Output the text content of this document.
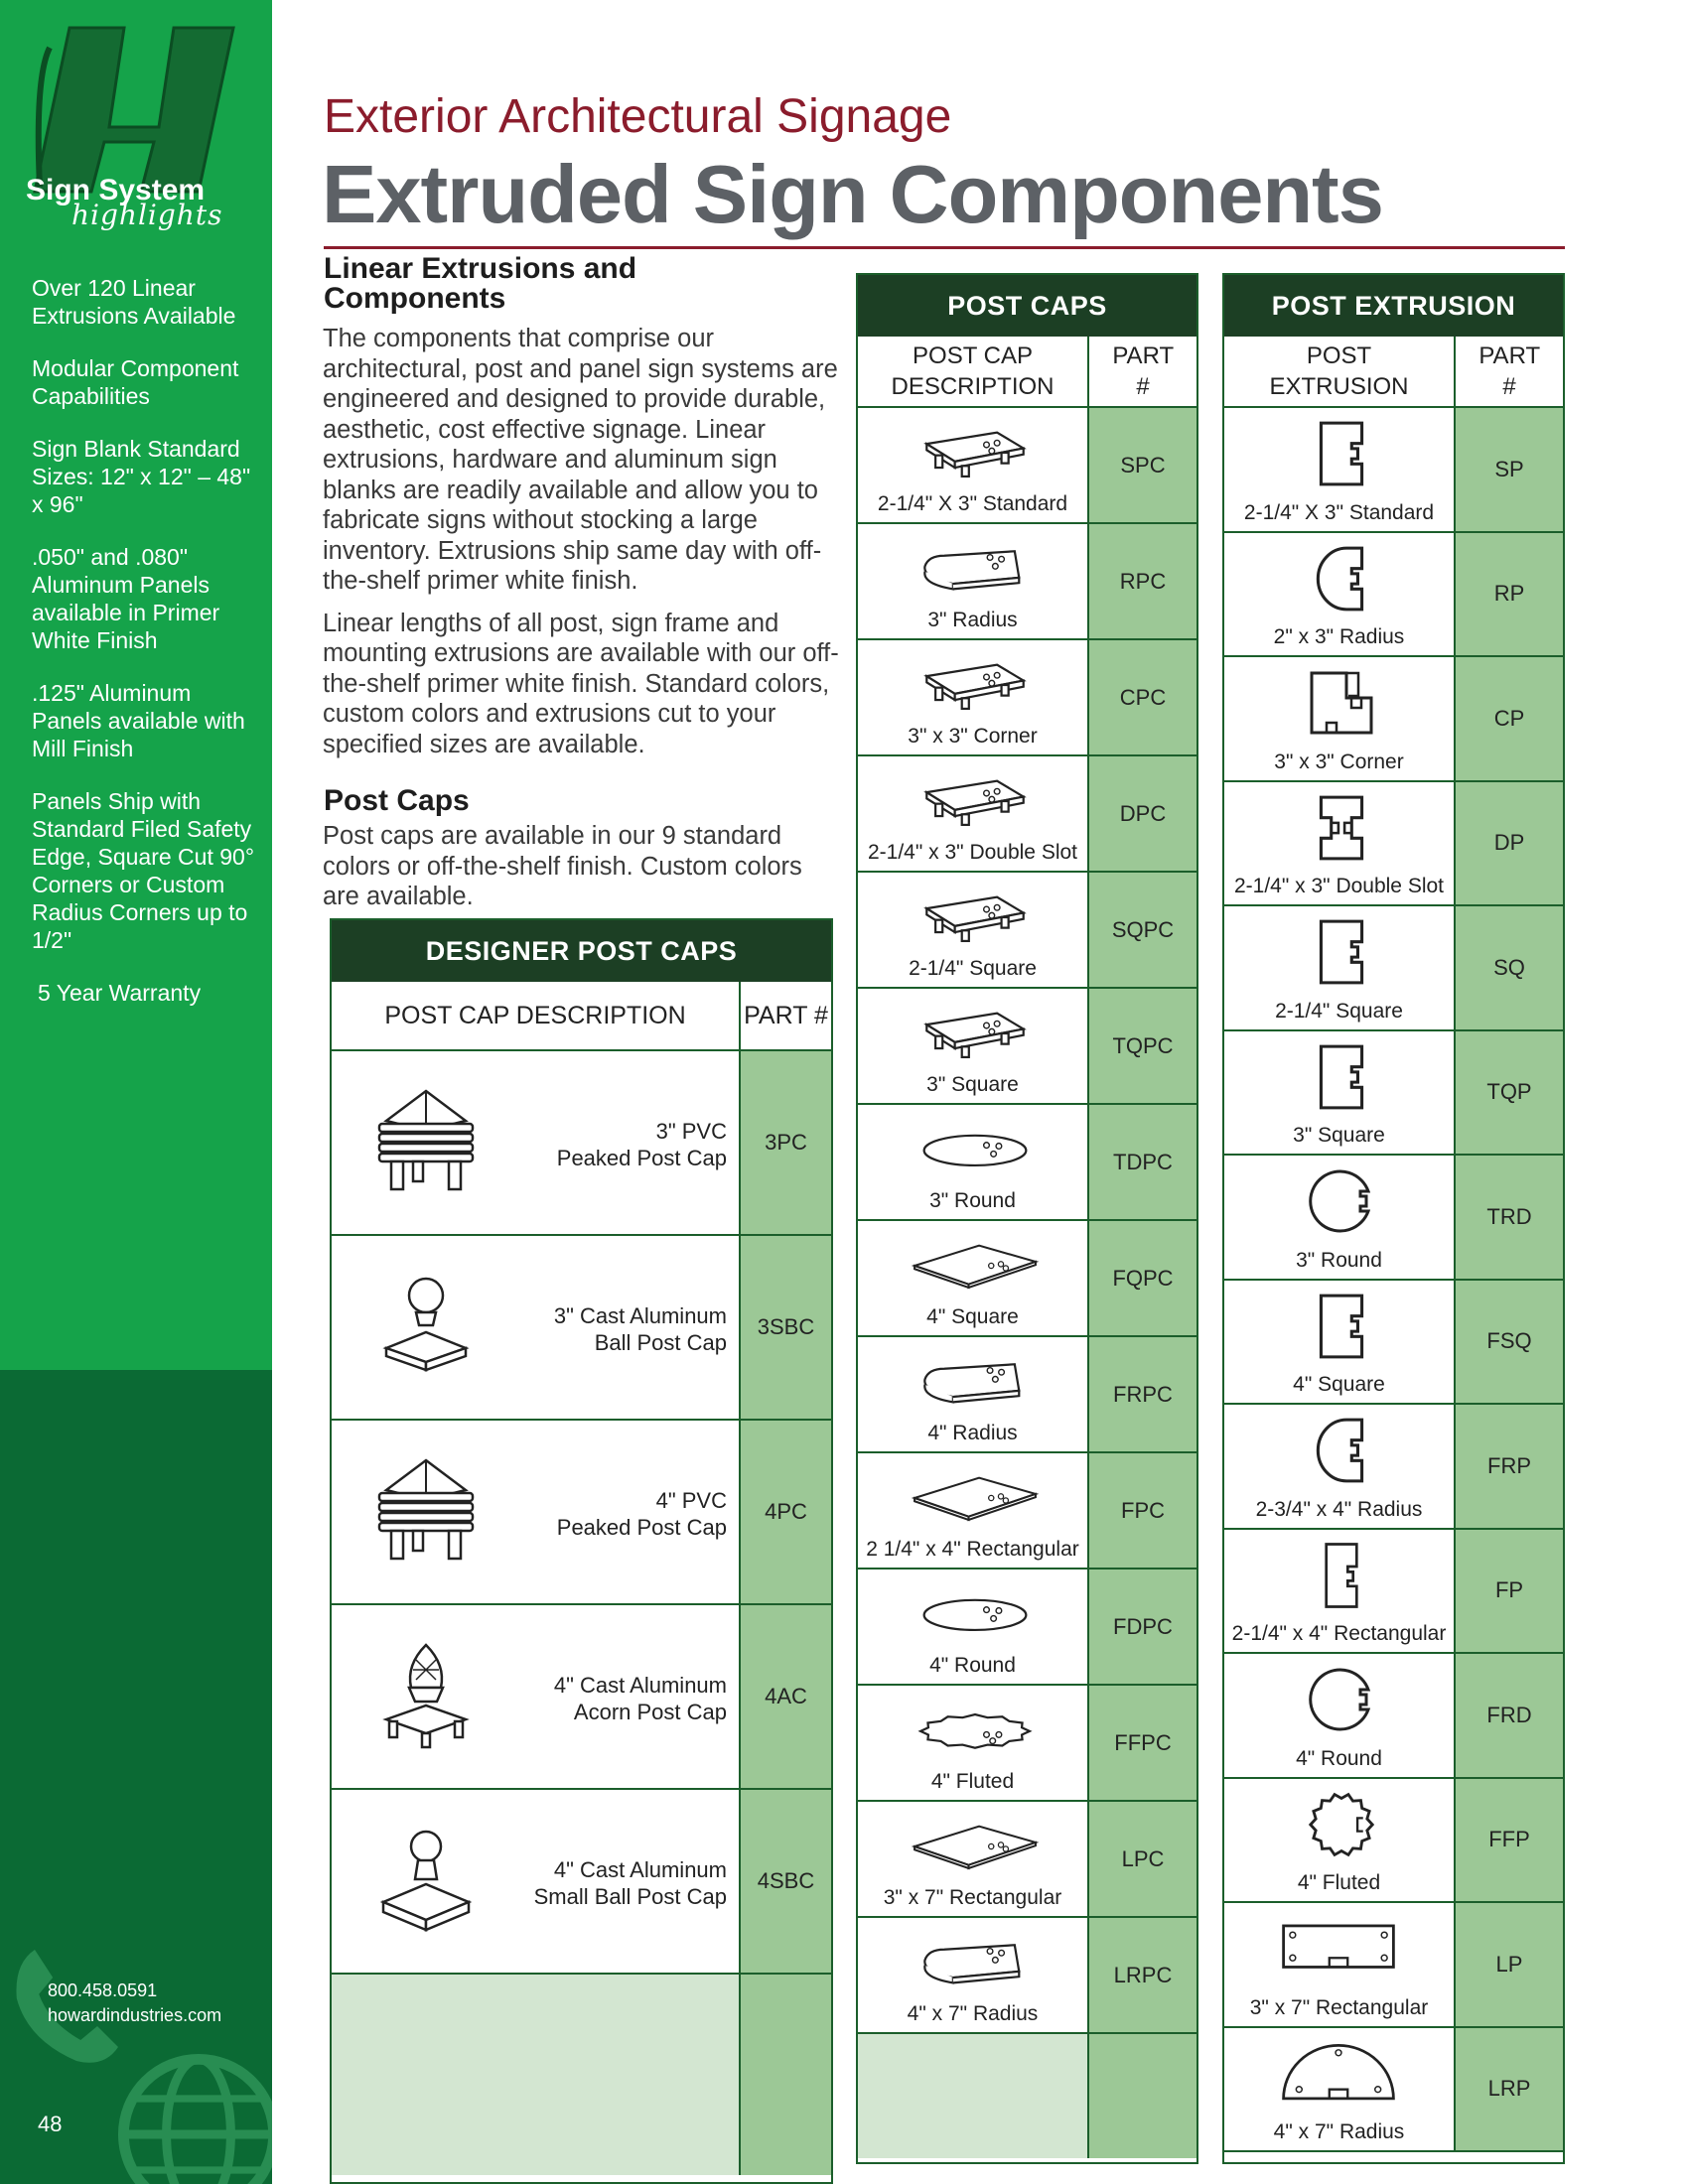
Sign System
highlights
Over 120 Linear Extrusions Available
Modular Component Capabilities
Sign Blank Standard Sizes: 12" x 12" – 48" x 96"
.050" and .080" Aluminum Panels available in Primer White Finish
.125" Aluminum Panels available with Mill Finish
Panels Ship with Standard Filed Safety Edge, Square Cut 90° Corners or Custom Radius Corners up to 1/2"
5 Year Warranty
800.458.0591
howardindustries.com
48
Exterior Architectural Signage
Extruded Sign Components
Linear Extrusions and Components

The components that comprise our architectural, post and panel sign systems are engineered and designed to provide durable, aesthetic, cost effective signage. Linear extrusions, hardware and aluminum sign blanks are readily available and allow you to fabricate signs without stocking a large inventory. Extrusions ship same day with off-the-shelf primer white finish.

Linear lengths of all post, sign frame and mounting extrusions are available with our off-the-shelf primer white finish. Standard colors, custom colors and extrusions cut to your specified sizes are available.

Post Caps
Post caps are available in our 9 standard colors or off-the-shelf finish. Custom colors are available.
DESIGNER POST CAPS
POST CAP DESCRIPTION	PART #
3" PVC
Peaked Post Cap
3PC
3" Cast Aluminum
Ball Post Cap
3SBC
4" PVC
Peaked Post Cap
4PC
4" Cast Aluminum
Acorn Post Cap
4AC
4" Cast Aluminum
Small Ball Post Cap
4SBC
POST CAPS
POST CAP DESCRIPTION
PART #
2-1/4" X 3" Standard
SPC
3" Radius
RPC
3" x 3" Corner
CPC
2-1/4" x 3" Double Slot
DPC
2-1/4" Square
SQPC
3" Square
TQPC
3" Round
TDPC
4" Square
FQPC
4" Radius
FRPC
2 1/4" x 4" Rectangular
FPC
4" Round
FDPC
4" Fluted
FFPC
3" x 7" Rectangular
LPC
4" x 7" Radius
LRPC
POST EXTRUSION
POST EXTRUSION
PART #
2-1/4" X 3" Standard
SP
2" x 3" Radius
RP
3" x 3" Corner
CP
2-1/4" x 3" Double Slot
DP
2-1/4" Square
SQ
3" Square
TQP
3" Round
TRD
4" Square
FSQ
2-3/4" x 4" Radius
FRP
2-1/4" x 4" Rectangular
FP
4" Round
FRD
4" Fluted
FFP
3" x 7" Rectangular
LP
4" x 7" Radius
LRP
